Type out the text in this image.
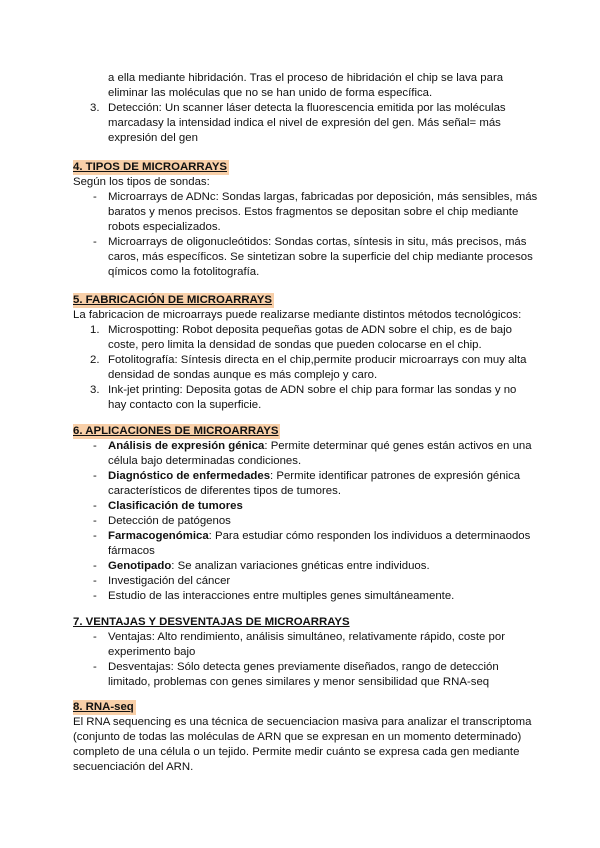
a ella mediante hibridación. Tras el proceso de hibridación el chip se lava para
eliminar las moléculas que no se han unido de forma específica.
3. Detección: Un scanner láser detecta la fluorescencia emitida por las moléculas
marcadasy la intensidad indica el nivel de expresión del gen. Más señal= más
expresión del gen
4. TIPOS DE MICROARRAYS
Según los tipos de sondas:
- Microarrays de ADNc: Sondas largas, fabricadas por deposición, más sensibles, más
baratos y menos precisos. Estos fragmentos se depositan sobre el chip mediante
robots especializados.
- Microarrays de oligonucleótidos: Sondas cortas, síntesis in situ, más precisos, más
caros, más específicos. Se sintetizan sobre la superficie del chip mediante procesos
qímicos como la fotolitografía.
5. FABRICACIÓN DE MICROARRAYS
La fabricacion de microarrays puede realizarse mediante distintos métodos tecnológicos:
1. Microspotting: Robot deposita pequeñas gotas de ADN sobre el chip, es de bajo
coste, pero limita la densidad de sondas que pueden colocarse en el chip.
2. Fotolitografía: Síntesis directa en el chip,permite producir microarrays con muy alta
densidad de sondas aunque es más complejo y caro.
3. Ink-jet printing: Deposita gotas de ADN sobre el chip para formar las sondas y no
hay contacto con la superficie.
6. APLICACIONES DE MICROARRAYS
- Análisis de expresión génica: Permite determinar qué genes están activos en una
célula bajo determinadas condiciones.
- Diagnóstico de enfermedades: Permite identificar patrones de expresión génica
característicos de diferentes tipos de tumores.
- Clasificación de tumores
- Detección de patógenos
- Farmacogenómica: Para estudiar cómo responden los individuos a determinaodos
fármacos
- Genotipado: Se analizan variaciones gnéticas entre individuos.
- Investigación del cáncer
- Estudio de las interacciones entre multiples genes simultáneamente.
7. VENTAJAS Y DESVENTAJAS DE MICROARRAYS
- Ventajas: Alto rendimiento, análisis simultáneo, relativamente rápido, coste por
experimento bajo
- Desventajas: Sólo detecta genes previamente diseñados, rango de detección
limitado, problemas con genes similares y menor sensibilidad que RNA-seq
8. RNA-seq
El RNA sequencing es una técnica de secuenciacion masiva para analizar el transcriptoma
(conjunto de todas las moléculas de ARN que se expresan en un momento determinado)
completo de una célula o un tejido. Permite medir cuánto se expresa cada gen mediante
secuenciación del ARN.
